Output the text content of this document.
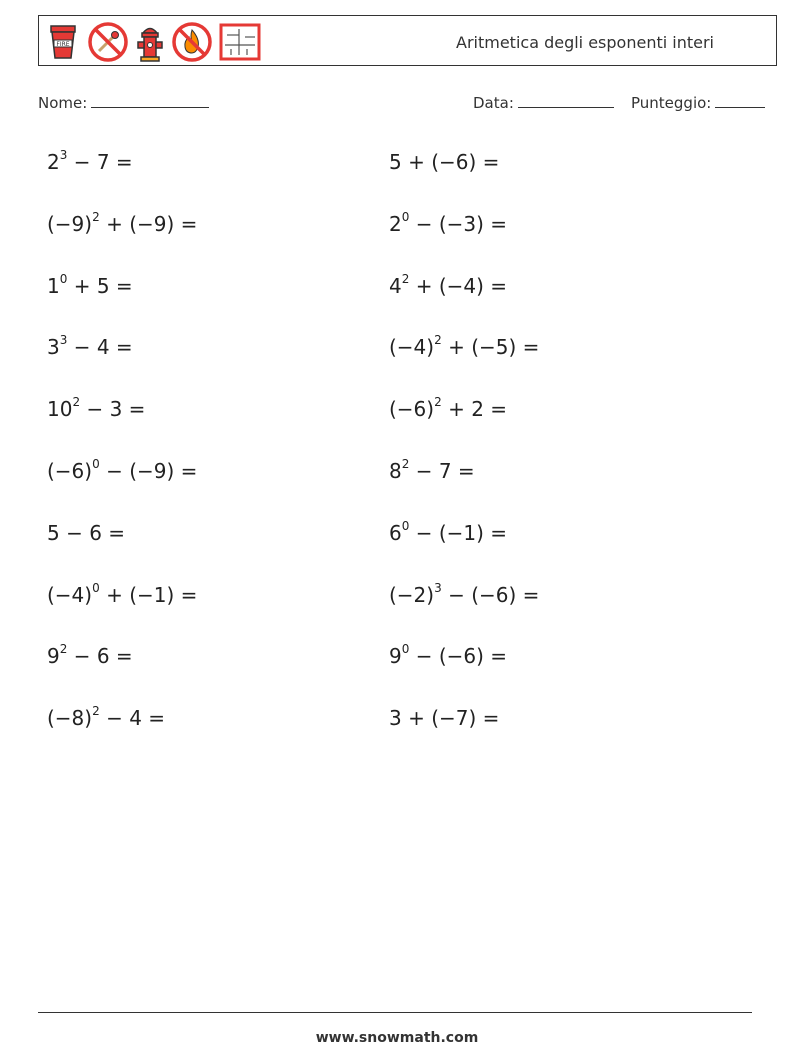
FIRE	Aritmetica degli esponenti interi
Nome:	Data:	Punteggio:
$2^3 - 7$ =
$(-9)^2 + (-9)$ =
$1^0 + 5$ =
$3^3 - 4$ =
$10^2 - 3$ =
$(-6)^0 - (-9)$ =
5 − 6 =
$(-4)^0 + (-1)$ =
$9^2 - 6$ =
$(-8)^2 - 4$ =
5 + (−6) =
$2^0 - (-3)$ =
$4^2 + (-4)$ =
$(-4)^2 + (-5)$ =
$(-6)^2 + 2$ =
$8^2 - 7$ =
$6^0 - (-1)$ =
$(-2)^3 - (-6)$ =
$9^0 - (-6)$ =
3 + (−7) =
www.snowmath.com
